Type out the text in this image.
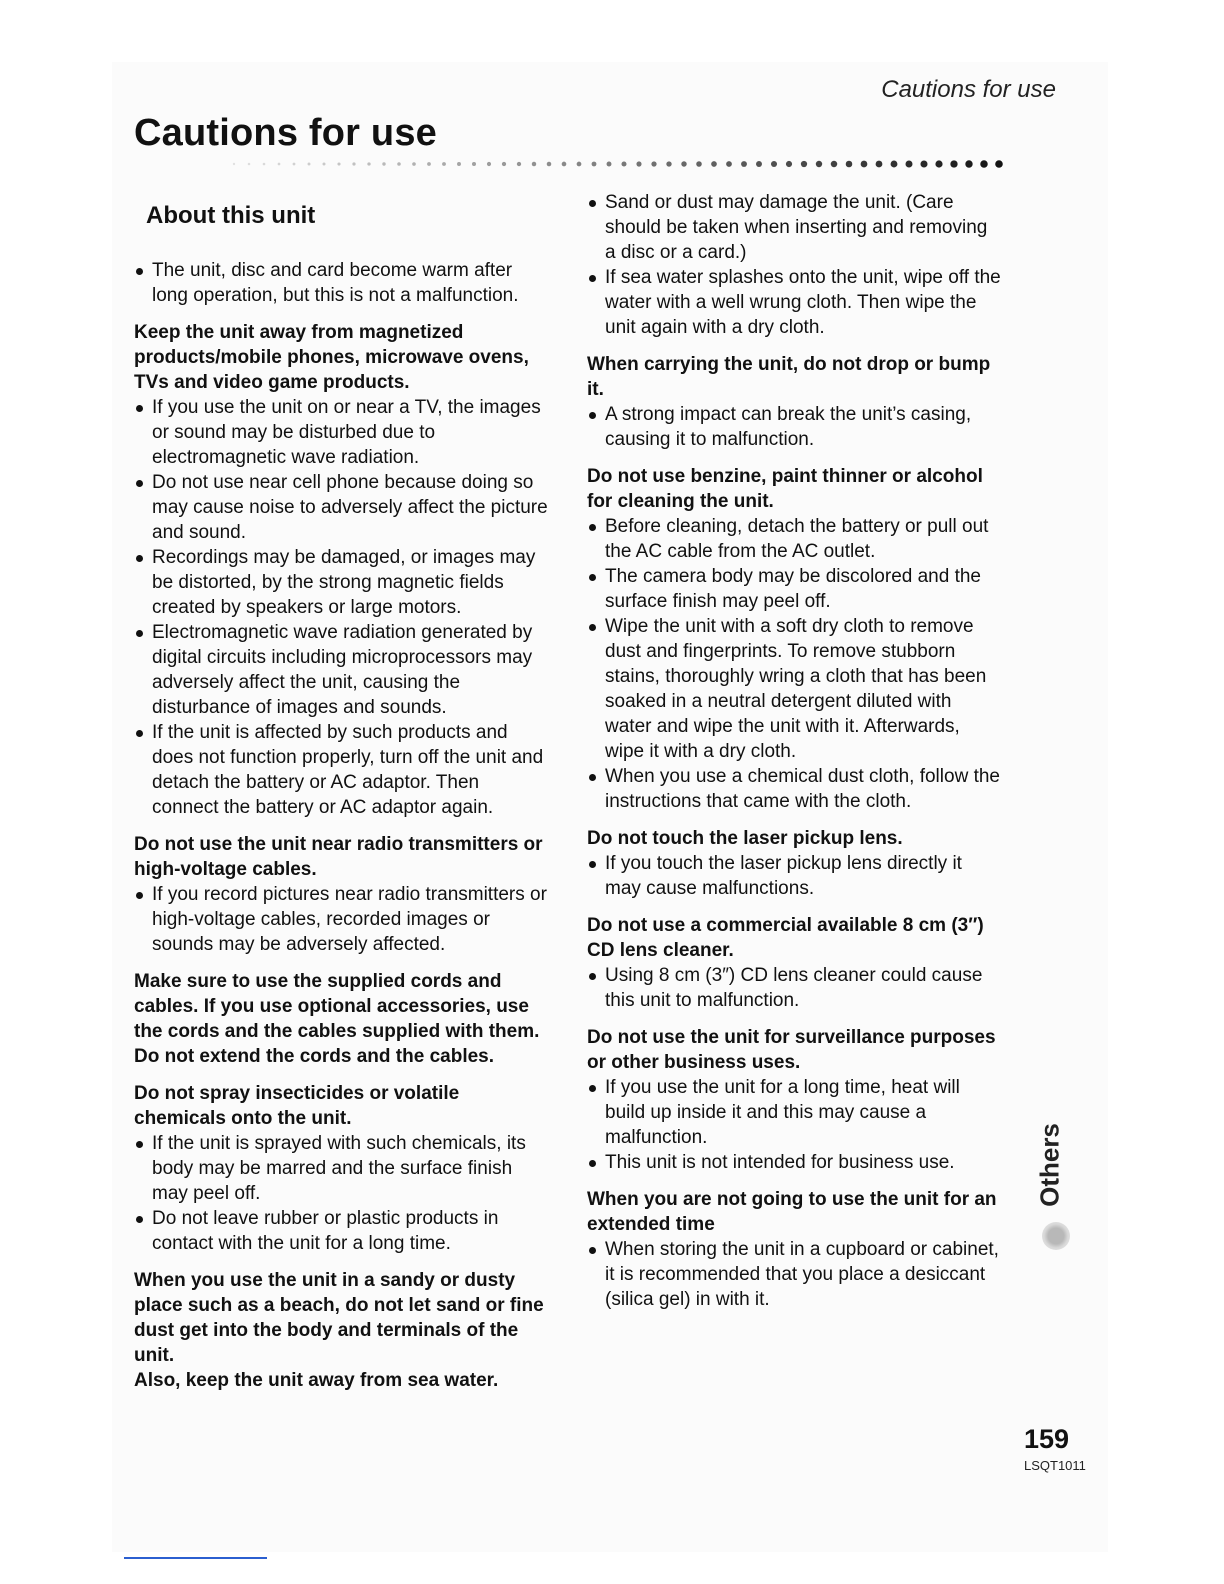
Cautions for use
Cautions for use
About this unit
The unit, disc and card become warm after long operation, but this is not a malfunction.

Keep the unit away from magnetized products/mobile phones, microwave ovens, TVs and video game products.

If you use the unit on or near a TV, the images or sound may be disturbed due to electromagnetic wave radiation.
Do not use near cell phone because doing so may cause noise to adversely affect the picture and sound.
Recordings may be damaged, or images may be distorted, by the strong magnetic fields created by speakers or large motors.
Electromagnetic wave radiation generated by digital circuits including microprocessors may adversely affect the unit, causing the disturbance of images and sounds.
If the unit is affected by such products and does not function properly, turn off the unit and detach the battery or AC adaptor. Then connect the battery or AC adaptor again.

Do not use the unit near radio transmitters or high-voltage cables.

If you record pictures near radio transmitters or high-voltage cables, recorded images or sounds may be adversely affected.

Make sure to use the supplied cords and cables. If you use optional accessories, use the cords and the cables supplied with them.

Do not extend the cords and the cables.

Do not spray insecticides or volatile chemicals onto the unit.

If the unit is sprayed with such chemicals, its body may be marred and the surface finish may peel off.
Do not leave rubber or plastic products in contact with the unit for a long time.

When you use the unit in a sandy or dusty place such as a beach, do not let sand or fine dust get into the body and terminals of the unit.

Also, keep the unit away from sea water.

Sand or dust may damage the unit. (Care should be taken when inserting and removing a disc or a card.)
If sea water splashes onto the unit, wipe off the water with a well wrung cloth. Then wipe the unit again with a dry cloth.

When carrying the unit, do not drop or bump it.

A strong impact can break the unit’s casing, causing it to malfunction.

Do not use benzine, paint thinner or alcohol for cleaning the unit.

Before cleaning, detach the battery or pull out the AC cable from the AC outlet.
The camera body may be discolored and the surface finish may peel off.
Wipe the unit with a soft dry cloth to remove dust and fingerprints. To remove stubborn stains, thoroughly wring a cloth that has been soaked in a neutral detergent diluted with water and wipe the unit with it. Afterwards, wipe it with a dry cloth.
When you use a chemical dust cloth, follow the instructions that came with the cloth.

Do not touch the laser pickup lens.

If you touch the laser pickup lens directly it may cause malfunctions.

Do not use a commercial available 8 cm (3″) CD lens cleaner.

Using 8 cm (3″) CD lens cleaner could cause this unit to malfunction.

Do not use the unit for surveillance purposes or other business uses.

If you use the unit for a long time, heat will build up inside it and this may cause a malfunction.
This unit is not intended for business use.

When you are not going to use the unit for an extended time

When storing the unit in a cupboard or cabinet, it is recommended that you place a desiccant (silica gel) in with it.
Others
159
LSQT1011
